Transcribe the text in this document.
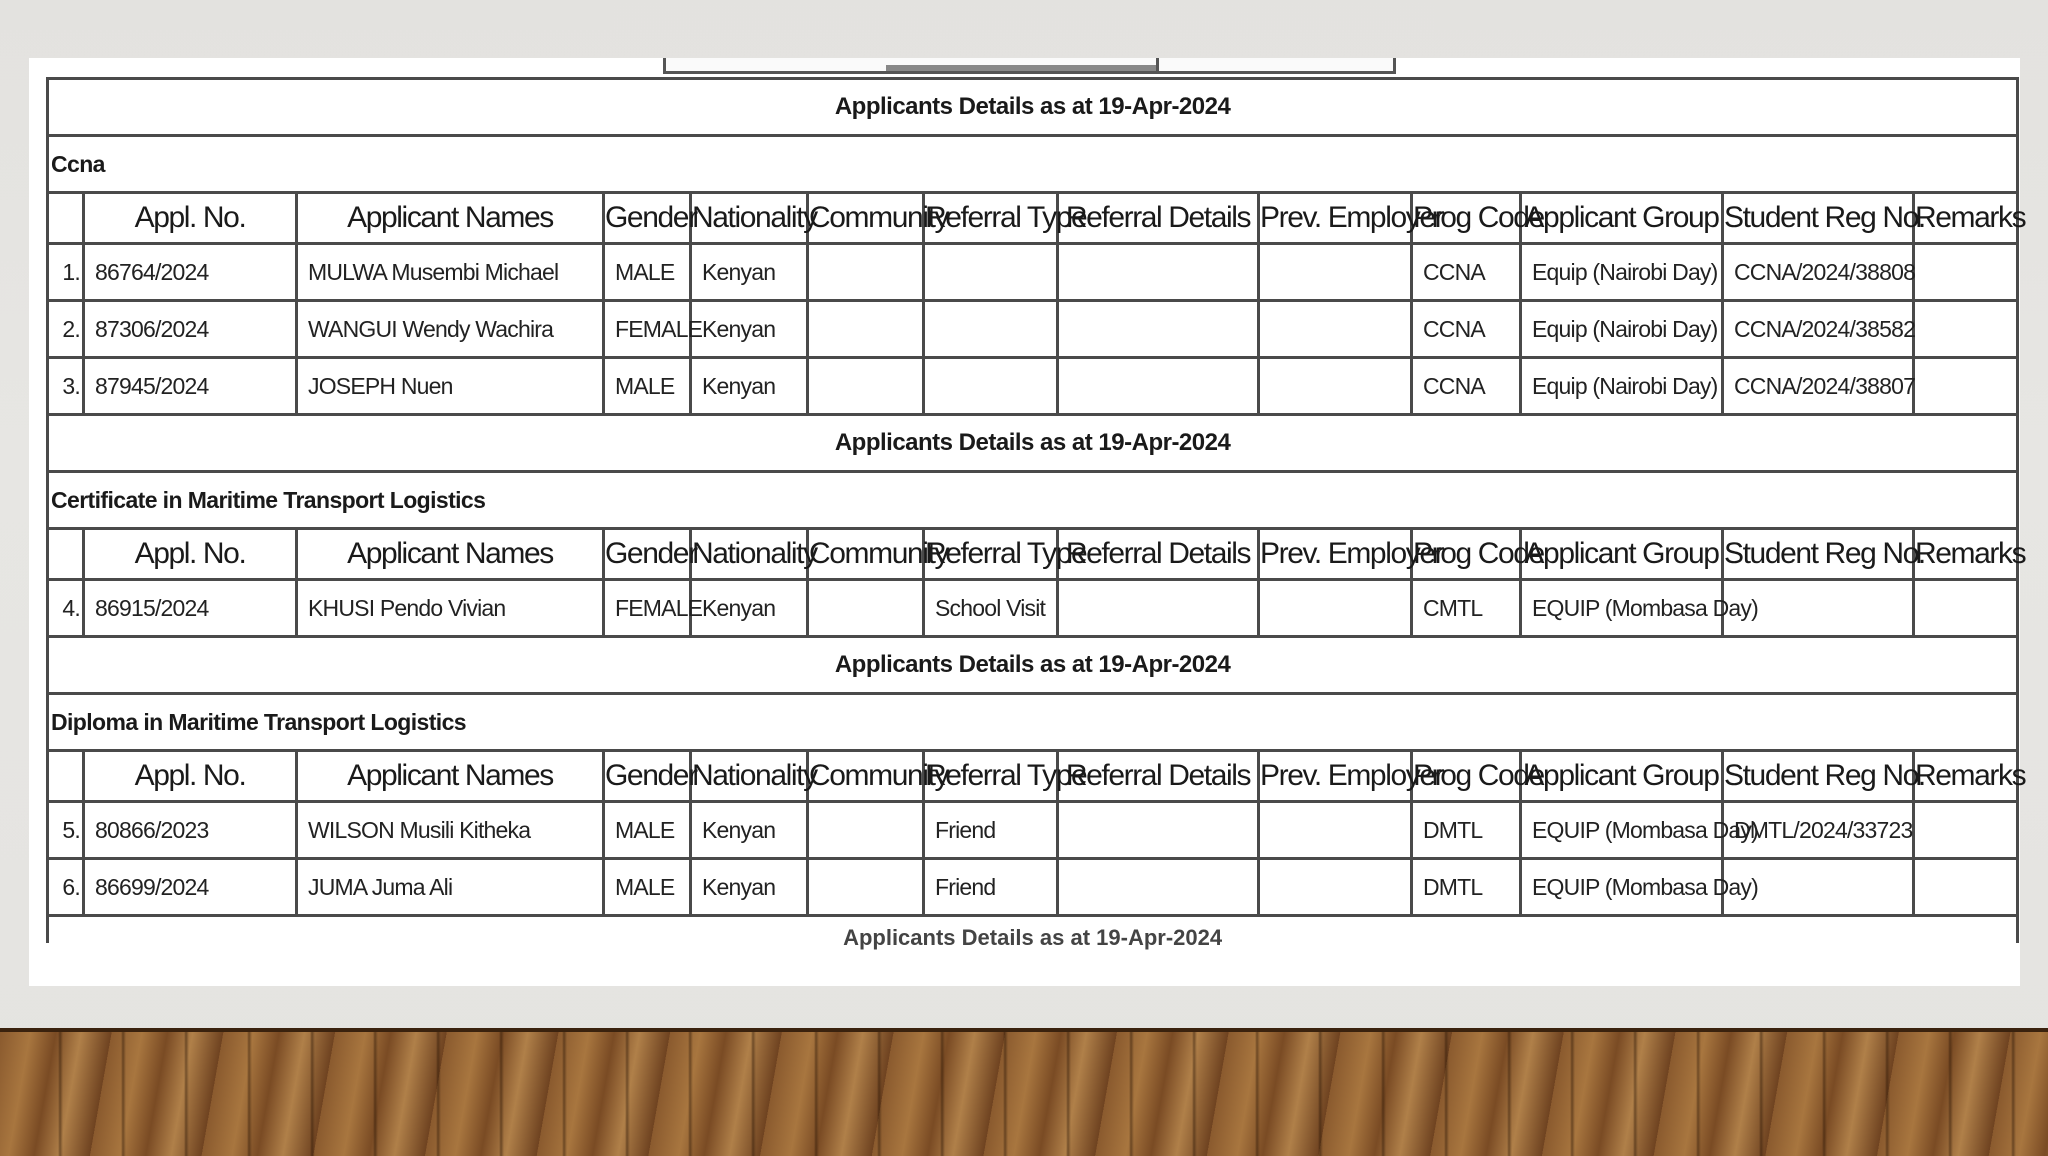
Applicants Details as at 19-Apr-2024												
Ccna												
	Appl. No.	Applicant Names	Gender	Nationality	Community	Referral Type	Referral Details	Prev. Employer	Prog Code	Applicant Group	Student Reg No.	Remarks
1.	86764/2024	MULWA Musembi Michael	MALE	Kenyan					CCNA	Equip (Nairobi Day)	CCNA/2024/38808	
2.	87306/2024	WANGUI Wendy Wachira	FEMALE	Kenyan					CCNA	Equip (Nairobi Day)	CCNA/2024/38582	
3.	87945/2024	JOSEPH Nuen	MALE	Kenyan					CCNA	Equip (Nairobi Day)	CCNA/2024/38807	
Applicants Details as at 19-Apr-2024												
Certificate in Maritime Transport Logistics												
	Appl. No.	Applicant Names	Gender	Nationality	Community	Referral Type	Referral Details	Prev. Employer	Prog Code	Applicant Group	Student Reg No.	Remarks
4.	86915/2024	KHUSI Pendo Vivian	FEMALE	Kenyan		School Visit			CMTL	EQUIP (Mombasa Day)		
Applicants Details as at 19-Apr-2024												
Diploma in Maritime Transport Logistics												
	Appl. No.	Applicant Names	Gender	Nationality	Community	Referral Type	Referral Details	Prev. Employer	Prog Code	Applicant Group	Student Reg No.	Remarks
5.	80866/2023	WILSON Musili Kitheka	MALE	Kenyan		Friend			DMTL	EQUIP (Mombasa Day)	DMTL/2024/33723	
6.	86699/2024	JUMA Juma Ali	MALE	Kenyan		Friend			DMTL	EQUIP (Mombasa Day)		

Applicants Details as at 19-Apr-2024												
